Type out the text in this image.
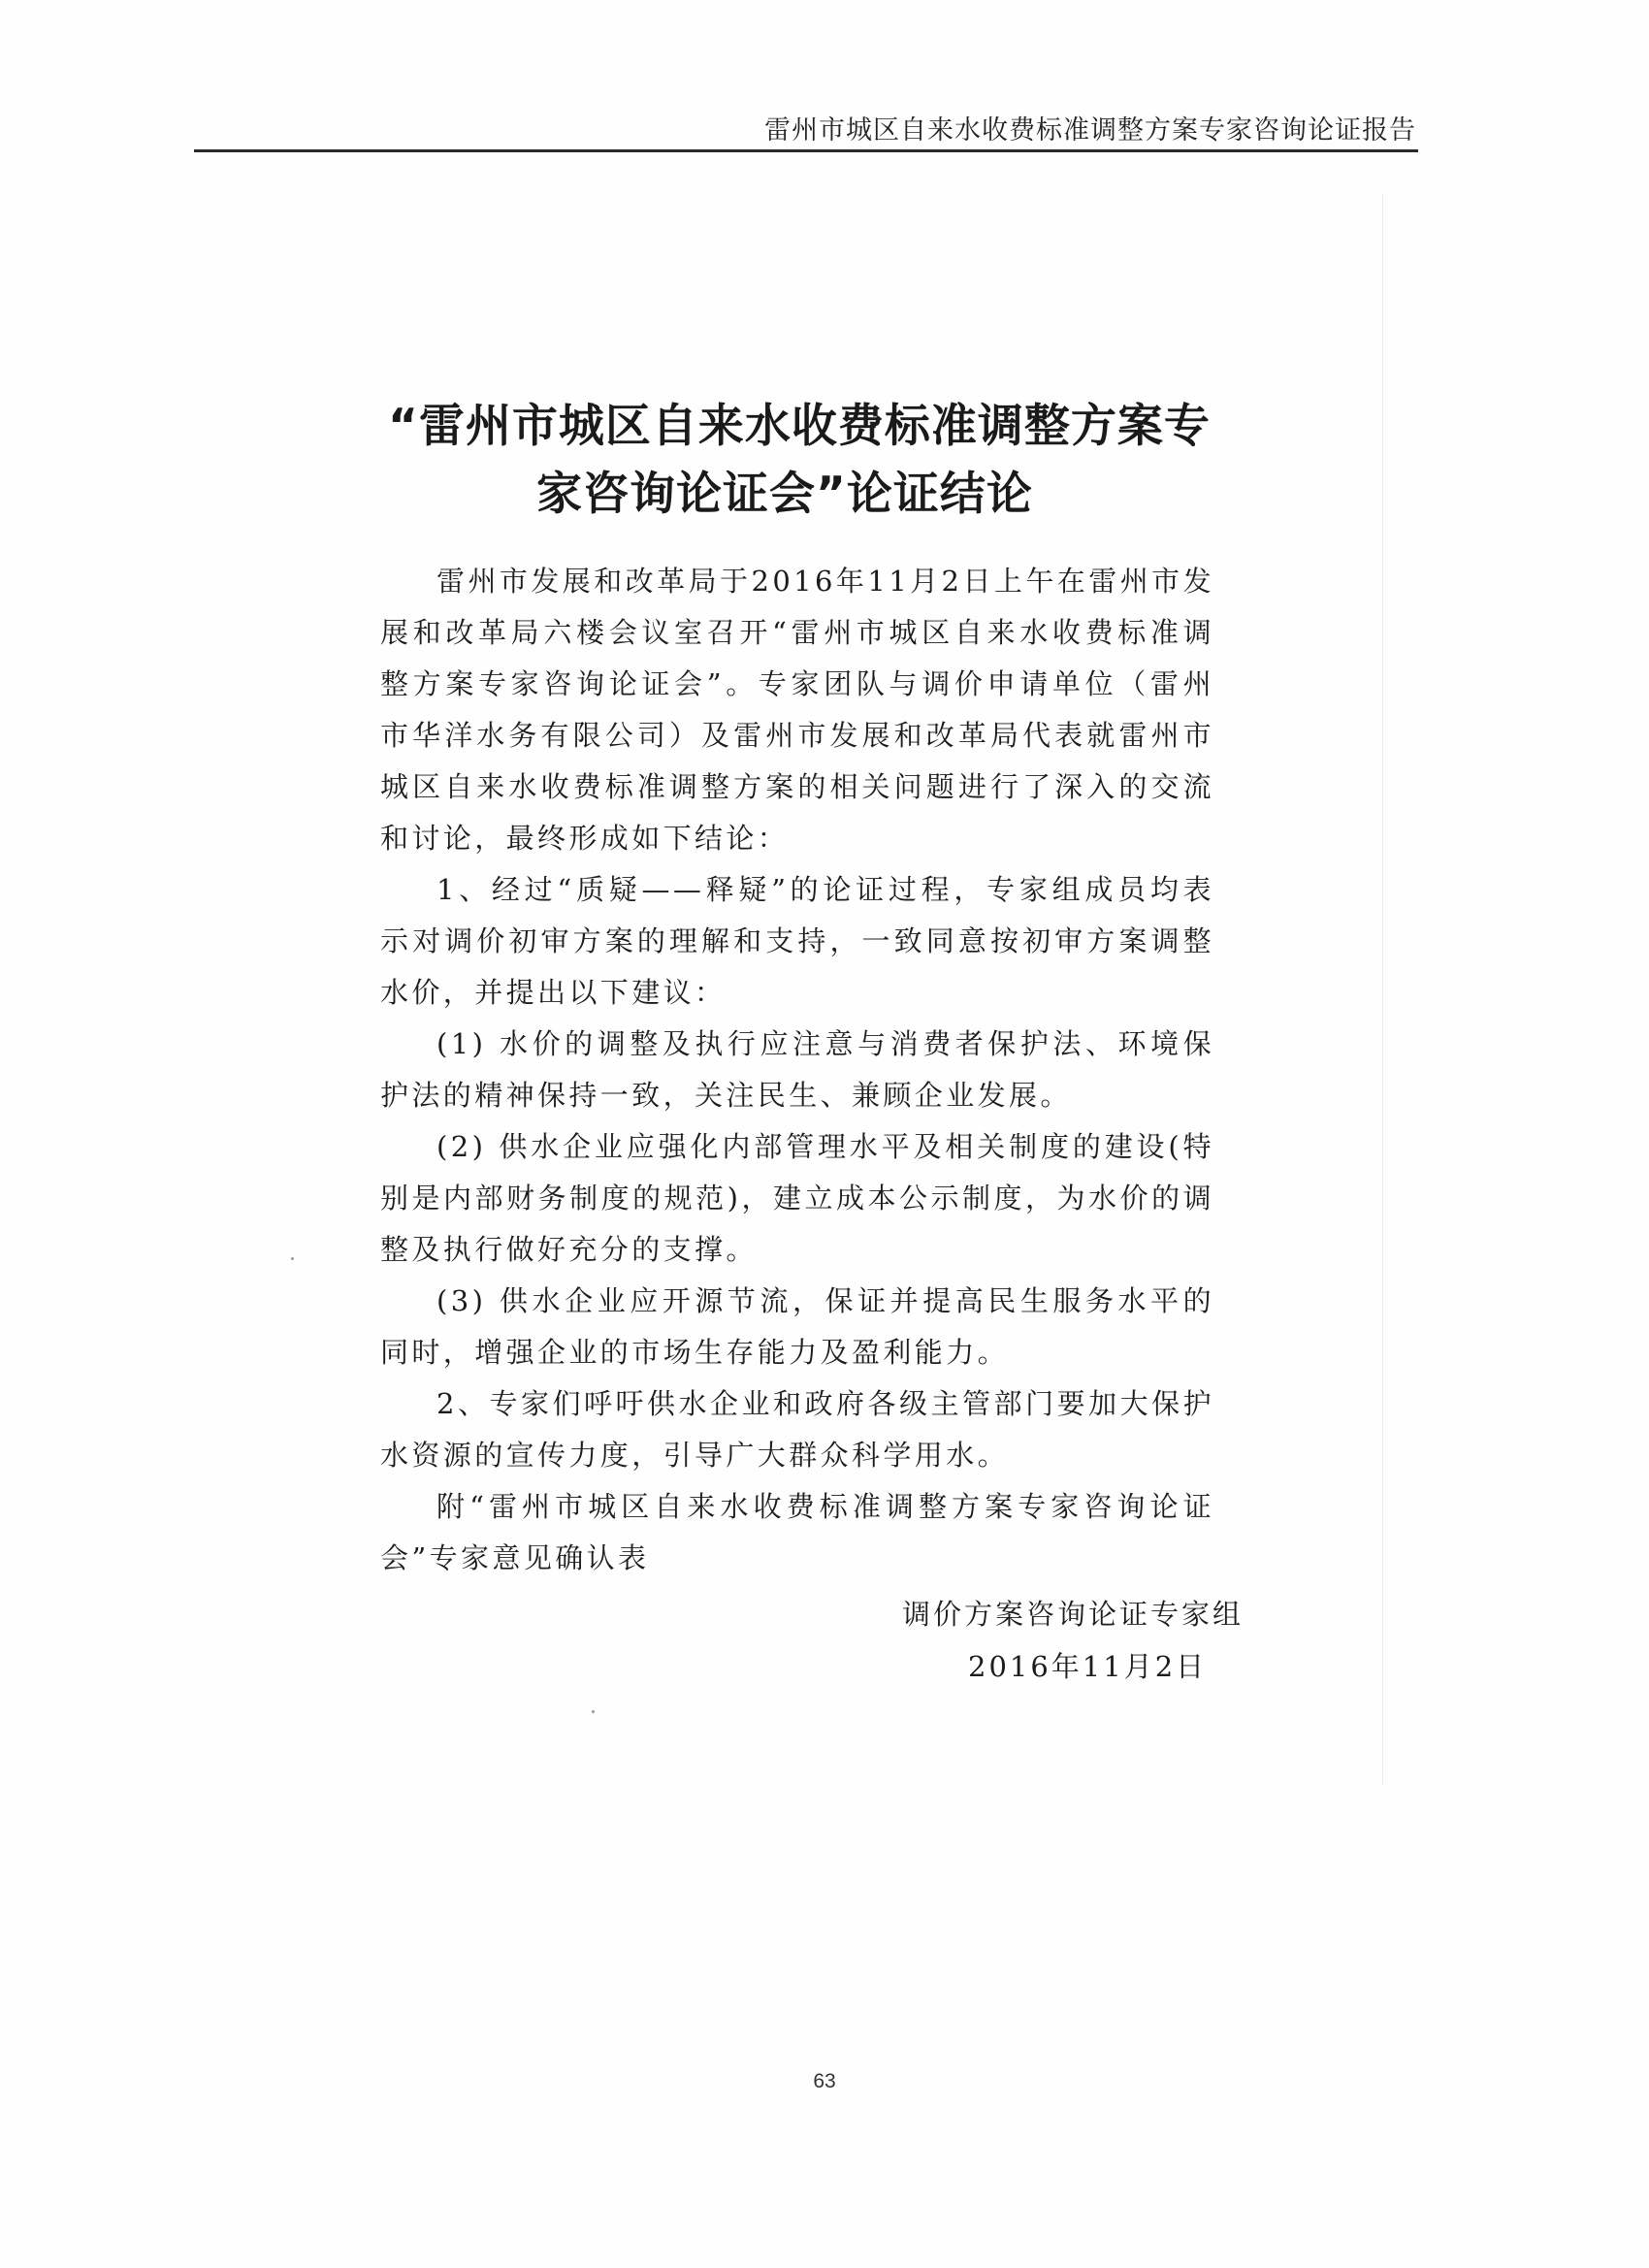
雷州市城区自来水收费标准调整方案专家咨询论证报告
“雷州市城区自来水收费标准调整方案专
家咨询论证会”论证结论

雷州市发展和改革局于2016年11月2日上午在雷州市发展和改革局六楼会议室召开“雷州市城区自来水收费标准调整方案专家咨询论证会”。专家团队与调价申请单位（雷州市华洋水务有限公司）及雷州市发展和改革局代表就雷州市城区自来水收费标准调整方案的相关问题进行了深入的交流和讨论，最终形成如下结论：

1、经过“质疑——释疑”的论证过程，专家组成员均表示对调价初审方案的理解和支持，一致同意按初审方案调整水价，并提出以下建议：

(1) 水价的调整及执行应注意与消费者保护法、环境保护法的精神保持一致，关注民生、兼顾企业发展。

(2) 供水企业应强化内部管理水平及相关制度的建设(特别是内部财务制度的规范)，建立成本公示制度，为水价的调整及执行做好充分的支撑。

(3) 供水企业应开源节流，保证并提高民生服务水平的同时，增强企业的市场生存能力及盈利能力。

2、专家们呼吁供水企业和政府各级主管部门要加大保护水资源的宣传力度，引导广大群众科学用水。

附“雷州市城区自来水收费标准调整方案专家咨询论证会”专家意见确认表

调价方案咨询论证专家组
2016年11月2日
63
